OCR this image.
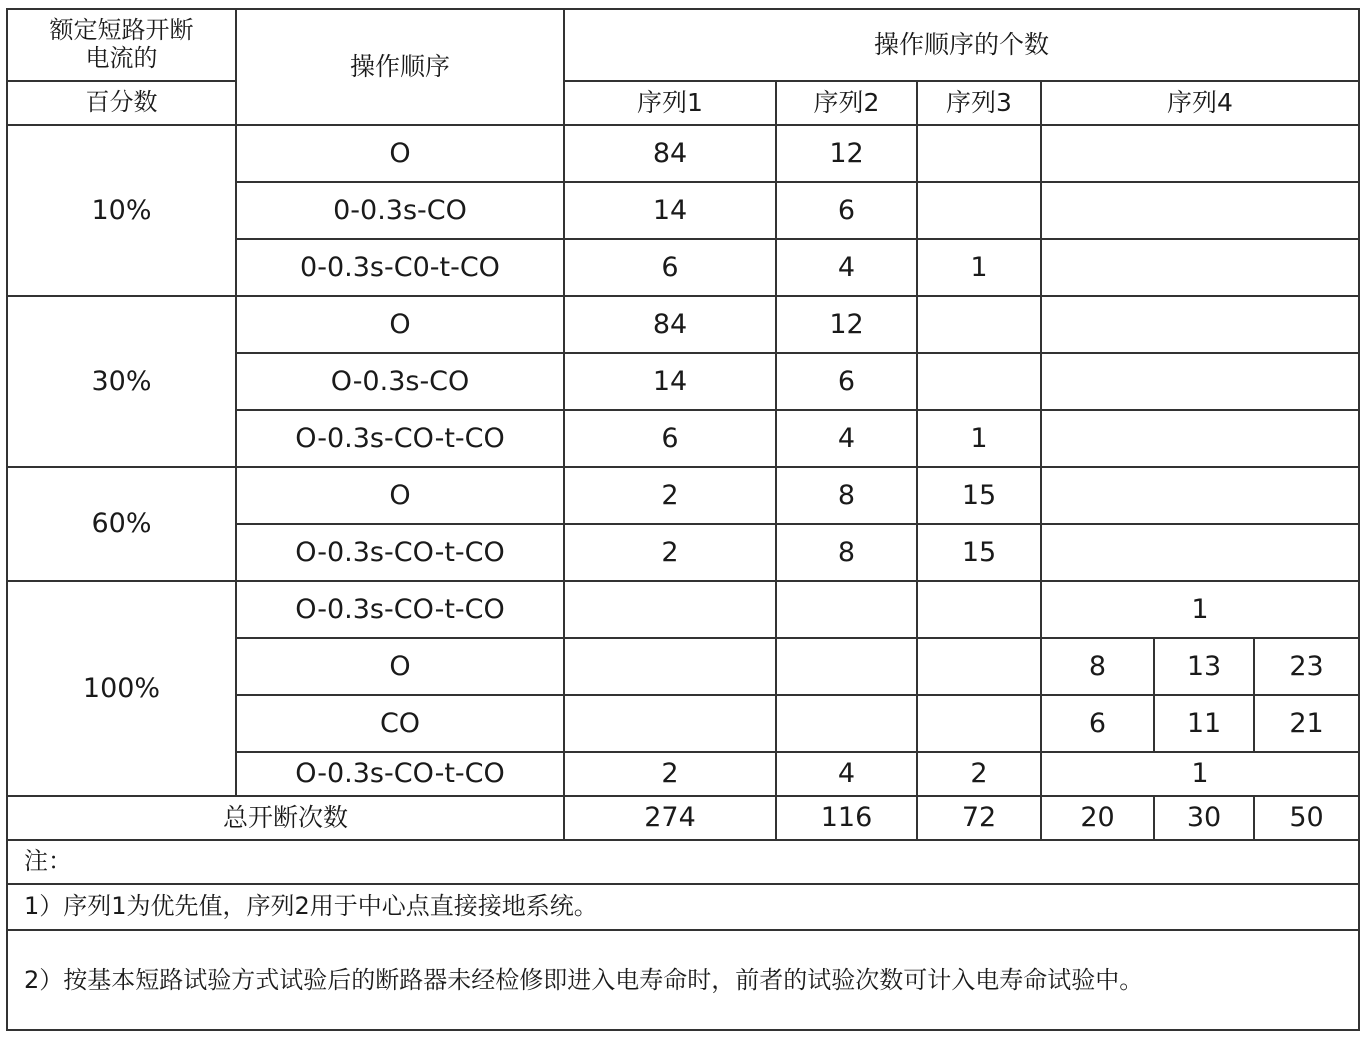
额定短路开断
电流的	操作顺序	操作顺序的个数					
百分数		序列1	序列2	序列3	序列4		
10%	O	84	12				
	0-0.3s-CO	14	6				
	0-0.3s-C0-t-CO	6	4	1			
30%	O	84	12				
	O-0.3s-CO	14	6				
	O-0.3s-CO-t-CO	6	4	1			
60%	O	2	8	15			
	O-0.3s-CO-t-CO	2	8	15			
100%	O-0.3s-CO-t-CO				1		
	O				8	13	23
	CO				6	11	21
	O-0.3s-CO-t-CO	2	4	2	1		
总开断次数		274	116	72	20	30	50
注：							
1）序列1为优先值，序列2用于中心点直接接地系统。							
2）按基本短路试验方式试验后的断路器未经检修即进入电寿命时，前者的试验次数可计入电寿命试验中。							
